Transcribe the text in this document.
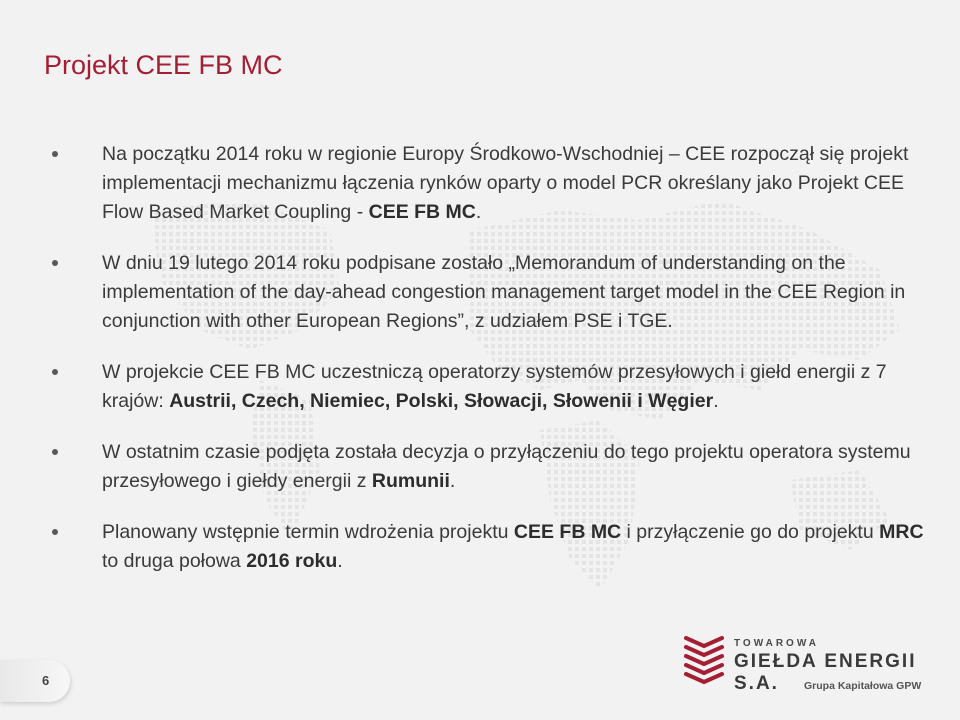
Projekt CEE FB MC
Na początku 2014 roku w regionie Europy Środkowo-Wschodniej – CEE rozpoczął się projekt implementacji mechanizmu łączenia rynków oparty o model PCR określany jako Projekt CEE Flow Based Market Coupling - CEE FB MC.
W dniu 19 lutego 2014 roku podpisane zostało „Memorandum of understanding on the implementation of the day-ahead congestion management target model in the CEE Region in conjunction with other European Regions”, z udziałem PSE i TGE.
W projekcie CEE FB MC uczestniczą operatorzy systemów przesyłowych i giełd energii z 7 krajów: Austrii, Czech, Niemiec, Polski, Słowacji, Słowenii i Węgier.
W ostatnim czasie podjęta została decyzja o przyłączeniu do tego projektu operatora systemu przesyłowego i giełdy energii z Rumunii.
Planowany wstępnie termin wdrożenia projektu CEE FB MC i przyłączenie go do projektu MRC to druga połowa 2016 roku.
6
TOWAROWA
GIEŁDA ENERGII S.A.	Grupa Kapitałowa GPW
